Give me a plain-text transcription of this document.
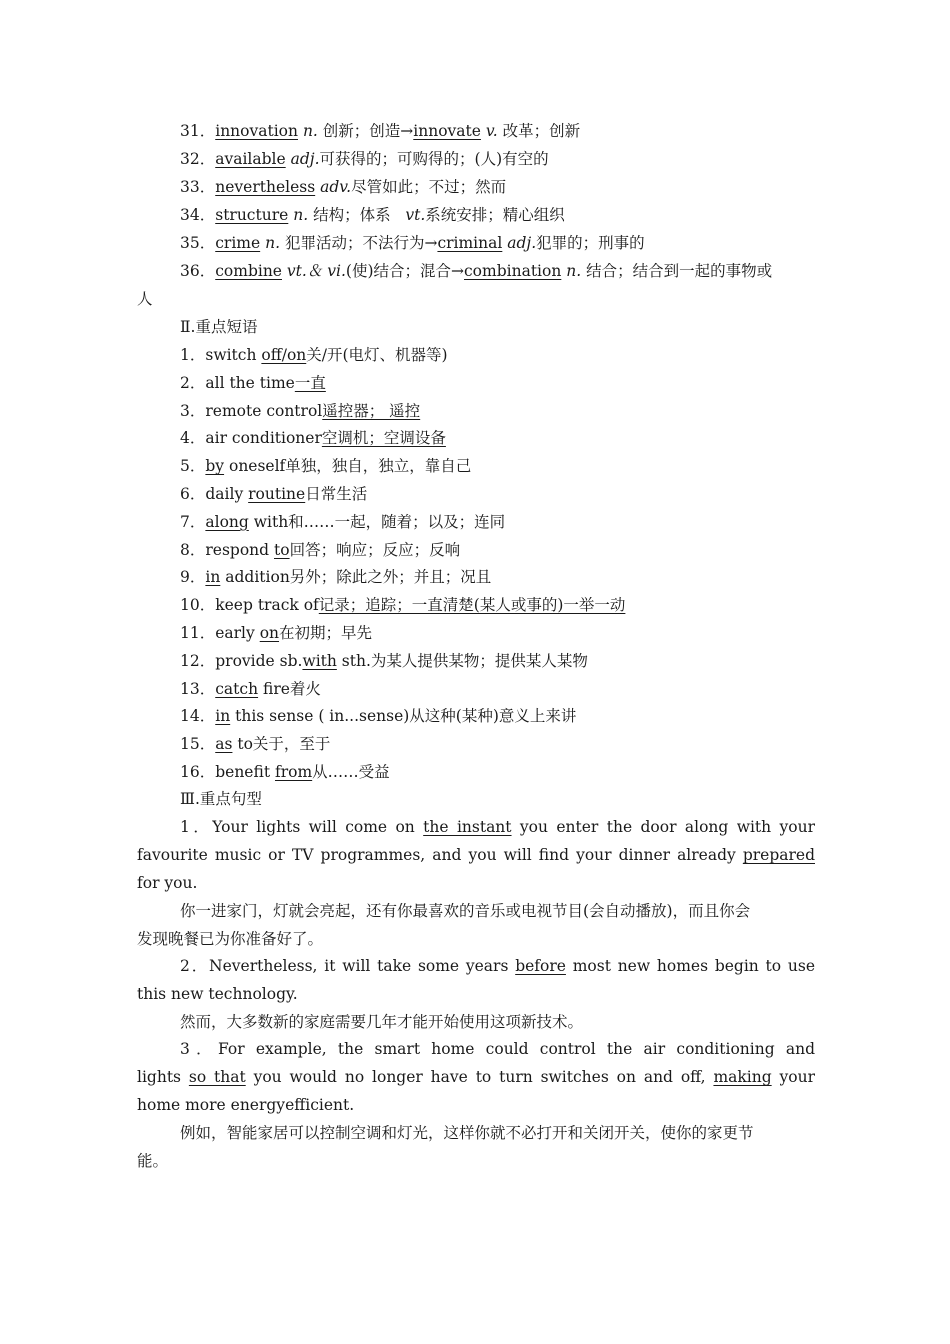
31．innovation n. 创新；创造→innovate v. 改革；创新
32．available adj.可获得的；可购得的；(人)有空的
33．nevertheless adv.尽管如此；不过；然而
34．structure n. 结构；体系 vt.系统安排；精心组织
35．crime n. 犯罪活动；不法行为→criminal adj.犯罪的；刑事的
36．combine vt.＆ vi.(使)结合；混合→combination n. 结合；结合到一起的事物或
人
Ⅱ.重点短语
1．switch off/on关/开(电灯、机器等)
2．all the time一直
3．remote control遥控器； 遥控
4．air conditioner空调机；空调设备
5．by oneself单独，独自，独立，靠自己
6．daily routine日常生活
7．along with和……一起，随着；以及；连同
8．respond to回答；响应；反应；反响
9．in addition另外；除此之外；并且；况且
10．keep track of记录；追踪；一直清楚(某人或事的)一举一动
11．early on在初期；早先
12．provide sb.with sth.为某人提供某物；提供某人某物
13．catch fire着火
14．in this sense ( in...sense)从这种(某种)意义上来讲
15．as to关于，至于
16．benefit from从……受益
Ⅲ.重点句型
1．Your lights will come on the instant you enter the door along with your
favourite music or TV programmes, and you will find your dinner already prepared
for you.
你一进家门，灯就会亮起，还有你最喜欢的音乐或电视节目(会自动播放)，而且你会
发现晚餐已为你准备好了。
2．Nevertheless, it will take some years before most new homes begin to use
this new technology.
然而，大多数新的家庭需要几年才能开始使用这项新技术。
3．For example, the smart home could control the air conditioning and
lights so that you would no longer have to turn switches on and off, making your
home more energyefficient.
例如，智能家居可以控制空调和灯光，这样你就不必打开和关闭开关，使你的家更节
能。
